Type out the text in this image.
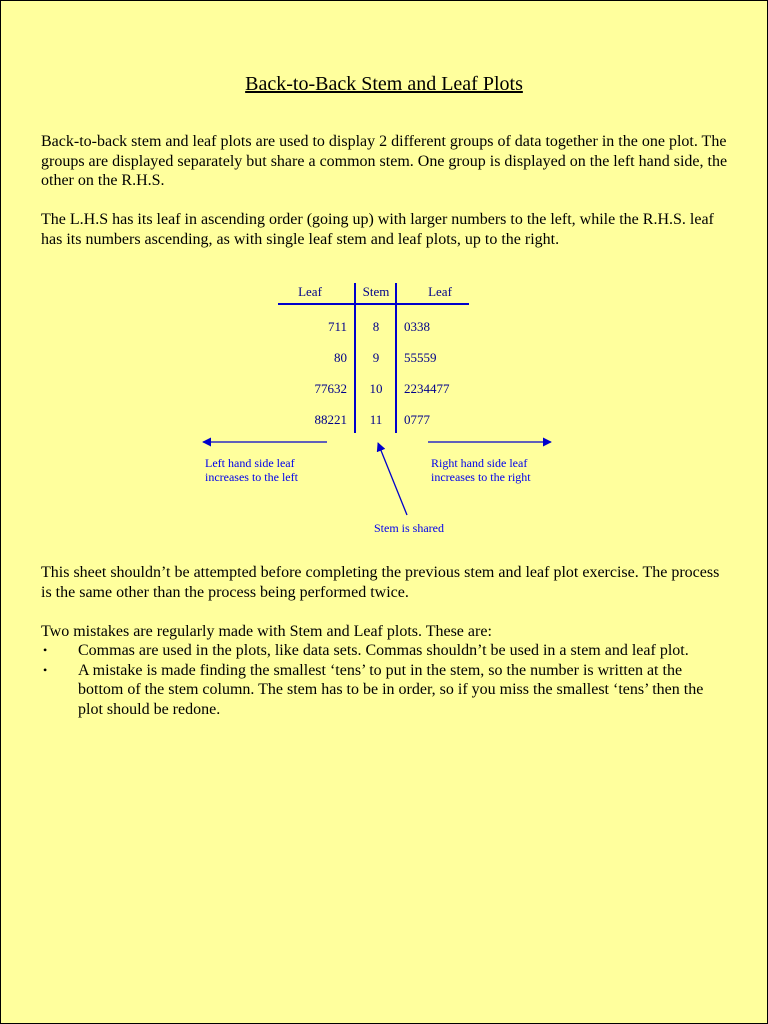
Back-to-Back Stem and Leaf Plots

Back-to-back stem and leaf plots are used to display 2 different groups of data together in the one plot. The groups are displayed separately but share a common stem. One group is displayed on the left hand side, the other on the R.H.S.

The L.H.S has its leaf in ascending order (going up) with larger numbers to the left, while the R.H.S. leaf has its numbers ascending, as with single leaf stem and leaf plots, up to the right.

Leaf	Stem	Leaf
711 8 0338
80 9 55559
77632 10 2234477
88221 11 0777
Left hand side leaf
increases to the left
Right hand side leaf
increases to the right
Stem is shared

This sheet shouldn’t be attempted before completing the previous stem and leaf plot exercise. The process is the same other than the process being performed twice.

Two mistakes are regularly made with Stem and Leaf plots. These are:

• Commas are used in the plots, like data sets. Commas shouldn’t be used in a stem and leaf plot.
• A mistake is made finding the smallest ‘tens’ to put in the stem, so the number is written at the bottom of the stem column. The stem has to be in order, so if you miss the smallest ‘tens’ then the plot should be redone.
